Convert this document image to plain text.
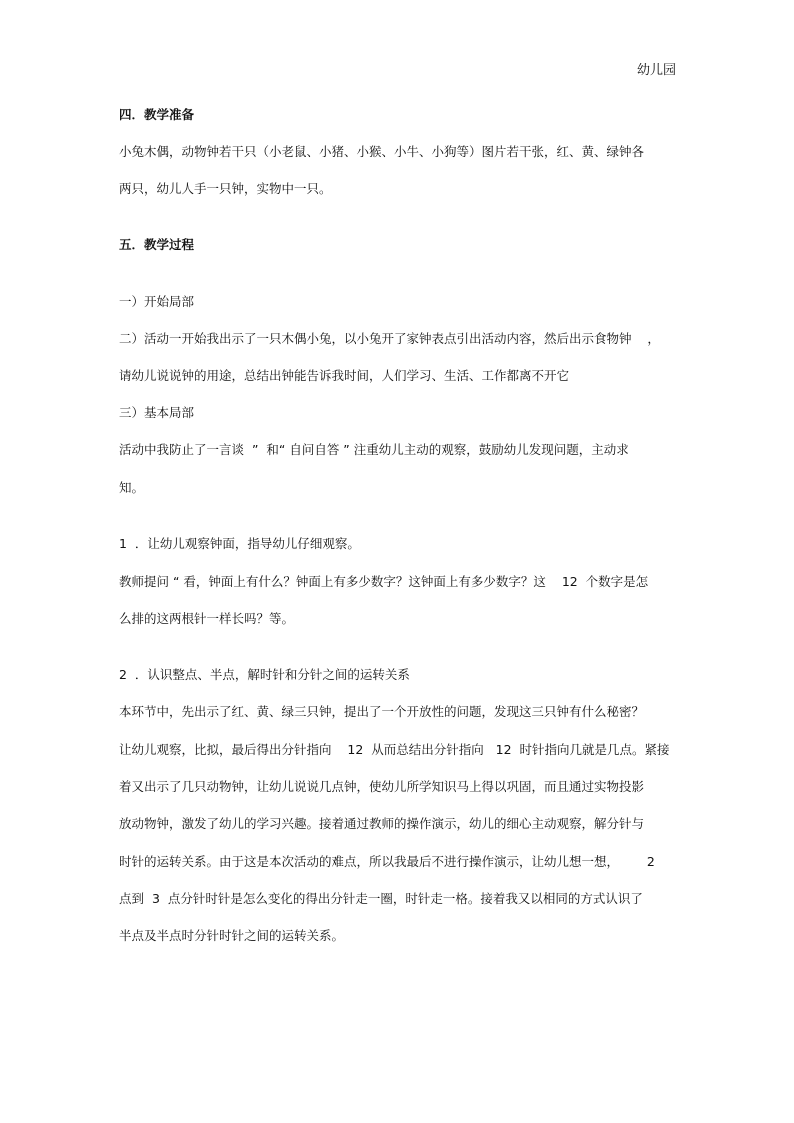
幼儿园
四．教学准备
小兔木偶，动物钟若干只（小老鼠、小猪、小猴、小牛、小狗等）图片若干张，红、黄、绿钟各
两只，幼儿人手一只钟，实物中一只。
五．教学过程
一）开始局部
二）活动一开始我出示了一只木偶小兔，以小兔开了家钟表点引出活动内容，然后出示食物钟    ，
请幼儿说说钟的用途，总结出钟能告诉我时间，人们学习、生活、工作都离不开它
三）基本局部
活动中我防止了一言谈  ”  和“ 自问自答 ” 注重幼儿主动的观察，鼓励幼儿发现问题，主动求
知。
1  ．让幼儿观察钟面，指导幼儿仔细观察。
教师提问 “ 看，钟面上有什么？钟面上有多少数字？这钟面上有多少数字？这    12  个数字是怎
么排的这两根针一样长吗？等。
2  ．认识整点、半点，解时针和分针之间的运转关系
本环节中，先出示了红、黄、绿三只钟，提出了一个开放性的问题，发现这三只钟有什么秘密？
让幼儿观察，比拟，最后得出分针指向    12  从而总结出分针指向   12  时针指向几就是几点。紧接
着又出示了几只动物钟，让幼儿说说几点钟，使幼儿所学知识马上得以巩固，而且通过实物投影
放动物钟，激发了幼儿的学习兴趣。接着通过教师的操作演示，幼儿的细心主动观察，解分针与
时针的运转关系。由于这是本次活动的难点，所以我最后不进行操作演示，让幼儿想一想，       2
点到  3  点分针时针是怎么变化的得出分针走一圈，时针走一格。接着我又以相同的方式认识了
半点及半点时分针时针之间的运转关系。
